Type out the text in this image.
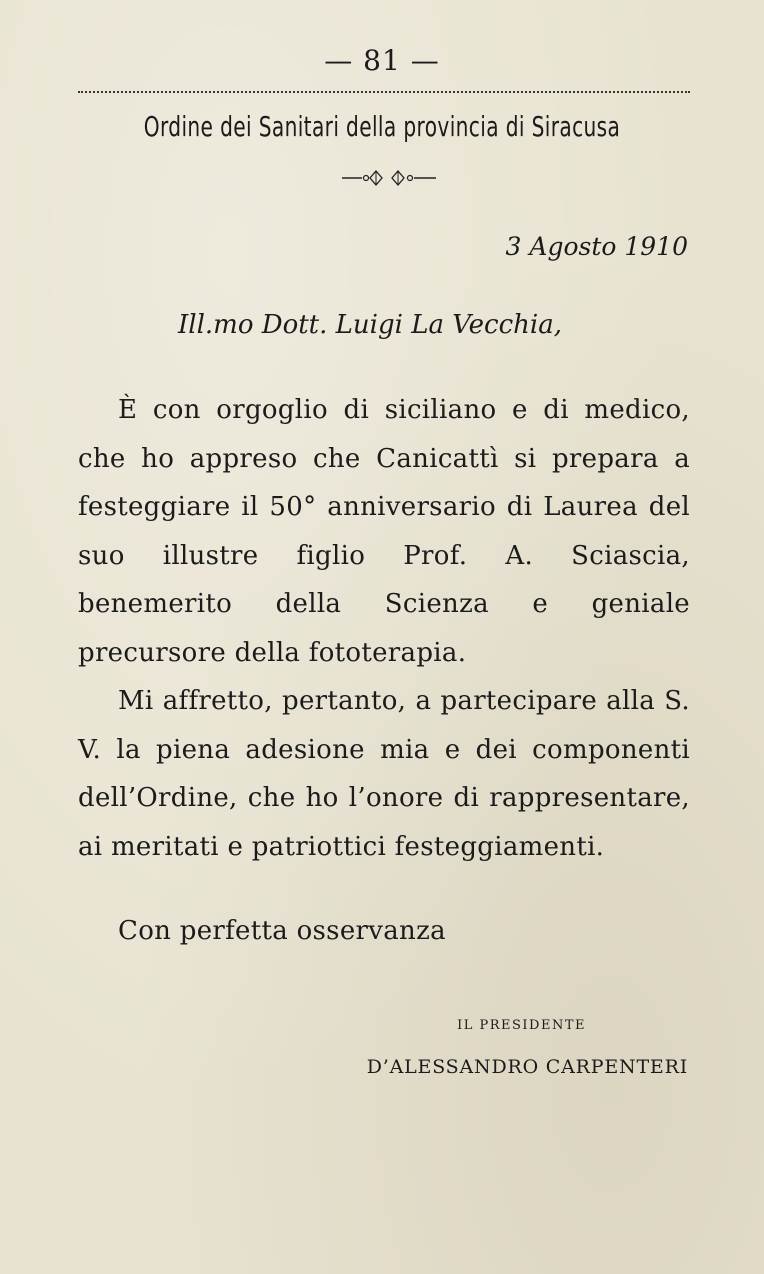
— 81 —
Ordine dei Sanitari della provincia di Siracusa
3 Agosto 1910
Ill.mo Dott. Luigi La Vecchia,

È con orgoglio di siciliano e di medico, che ho appreso che Canicattì si prepara a festeggiare il 50° anniversario di Laurea del suo illustre figlio Prof. A. Sciascia, benemerito della Scienza e geniale precursore della fototerapia.

Mi affretto, pertanto, a partecipare alla S. V. la piena adesione mia e dei componenti dell’Ordine, che ho l’onore di rappresentare, ai meritati e patriottici festeggiamenti.

Con perfetta osservanza
IL PRESIDENTE
D’ALESSANDRO CARPENTERI
